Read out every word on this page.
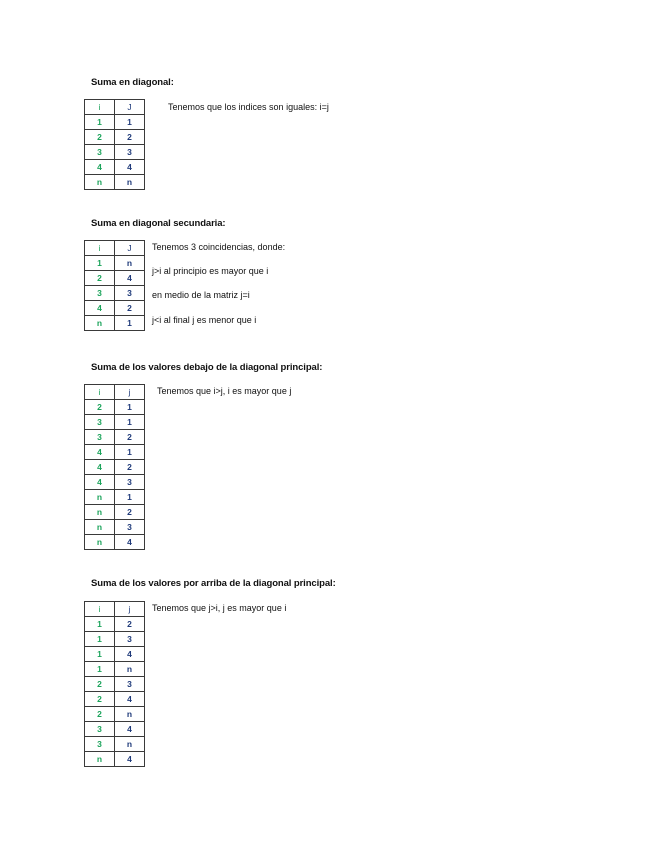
Suma en diagonal:
i	J
1	1
2	2
3	3
4	4
n	n
Tenemos que los indices son iguales: i=j
Suma en diagonal secundaria:
i	J
1	n
2	4
3	3
4	2
n	1
Tenemos 3 coincidencias, donde:
j>i al principio es mayor que i
en medio de la matriz j=i
j<i al final j es menor que i
Suma de los valores debajo de la diagonal principal:
i	j
2	1
3	1
3	2
4	1
4	2
4	3
n	1
n	2
n	3
n	4
Tenemos que i>j, i es mayor que j
Suma de los valores por arriba de la diagonal principal:
i	j
1	2
1	3
1	4
1	n
2	3
2	4
2	n
3	4
3	n
n	4
Tenemos que j>i, j es mayor que i
